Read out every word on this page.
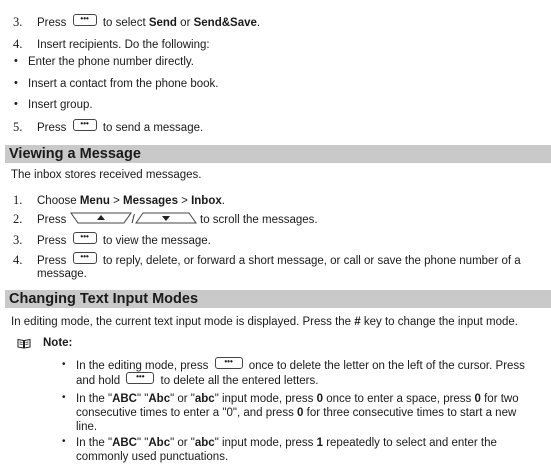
3. Press ••• to select Send or Send&Save.
4. Insert recipients. Do the following:
• Enter the phone number directly.
• Insert a contact from the phone book.
• Insert group.
5. Press ••• to send a message.
Viewing a Message
The inbox stores received messages.
1. Choose Menu > Messages > Inbox.
2. Press	/	to scroll the messages.
3. Press ••• to view the message.
4. Press ••• to reply, delete, or forward a short message, or call or save the phone number of a
message.
Changing Text Input Modes
In editing mode, the current text input mode is displayed. Press the # key to change the input mode.
Note:
• In the editing mode, press ••• once to delete the letter on the left of the cursor. Press
and hold ••• to delete all the entered letters.
• In the "ABC" "Abc" or "abc" input mode, press 0 once to enter a space, press 0 for two
consecutive times to enter a "0", and press 0 for three consecutive times to start a new
line.
• In the "ABC" "Abc" or "abc" input mode, press 1 repeatedly to select and enter the
commonly used punctuations.
